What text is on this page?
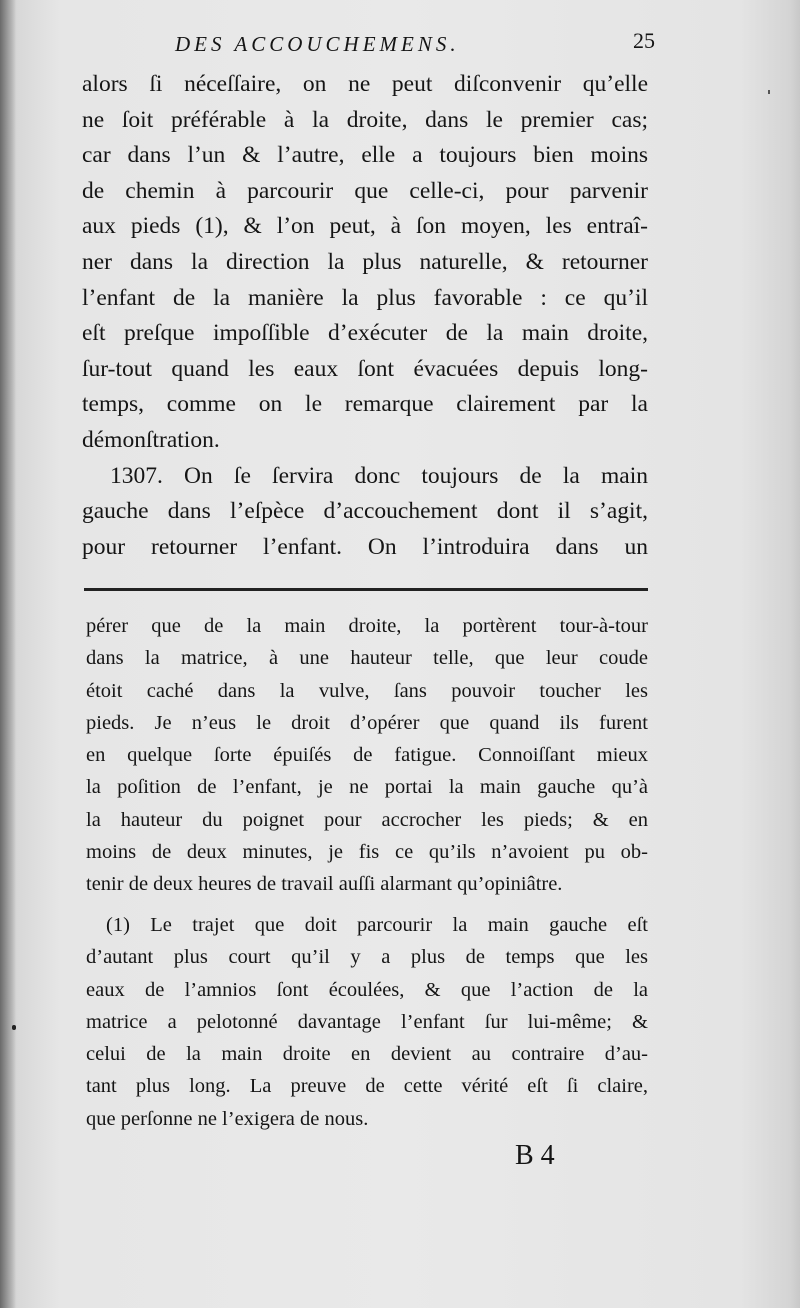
DES ACCOUCHEMENS.	25

alors ſi néceſſaire, on ne peut diſconvenir qu’elle

ne ſoit préférable à la droite, dans le premier cas;

car dans l’un & l’autre, elle a toujours bien moins

de chemin à parcourir que celle-ci, pour parvenir

aux pieds (1), & l’on peut, à ſon moyen, les entraî-

ner dans la direction la plus naturelle, & retourner

l’enfant de la manière la plus favorable : ce qu’il

eſt preſque impoſſible d’exécuter de la main droite,

ſur-tout quand les eaux ſont évacuées depuis long-

temps, comme on le remarque clairement par la

démonſtration.

1307. On ſe ſervira donc toujours de la main

gauche dans l’eſpèce d’accouchement dont il s’agit,

pour retourner l’enfant. On l’introduira dans un

pérer que de la main droite, la portèrent tour-à-tour

dans la matrice, à une hauteur telle, que leur coude

étoit caché dans la vulve, ſans pouvoir toucher les

pieds. Je n’eus le droit d’opérer que quand ils furent

en quelque ſorte épuiſés de fatigue. Connoiſſant mieux

la poſition de l’enfant, je ne portai la main gauche qu’à

la hauteur du poignet pour accrocher les pieds; & en

moins de deux minutes, je fis ce qu’ils n’avoient pu ob-

tenir de deux heures de travail auſſi alarmant qu’opiniâtre.

(1) Le trajet que doit parcourir la main gauche eſt

d’autant plus court qu’il y a plus de temps que les

eaux de l’amnios ſont écoulées, & que l’action de la

matrice a pelotonné davantage l’enfant ſur lui-même; &

celui de la main droite en devient au contraire d’au-

tant plus long. La preuve de cette vérité eſt ſi claire,

que perſonne ne l’exigera de nous.

B 4
